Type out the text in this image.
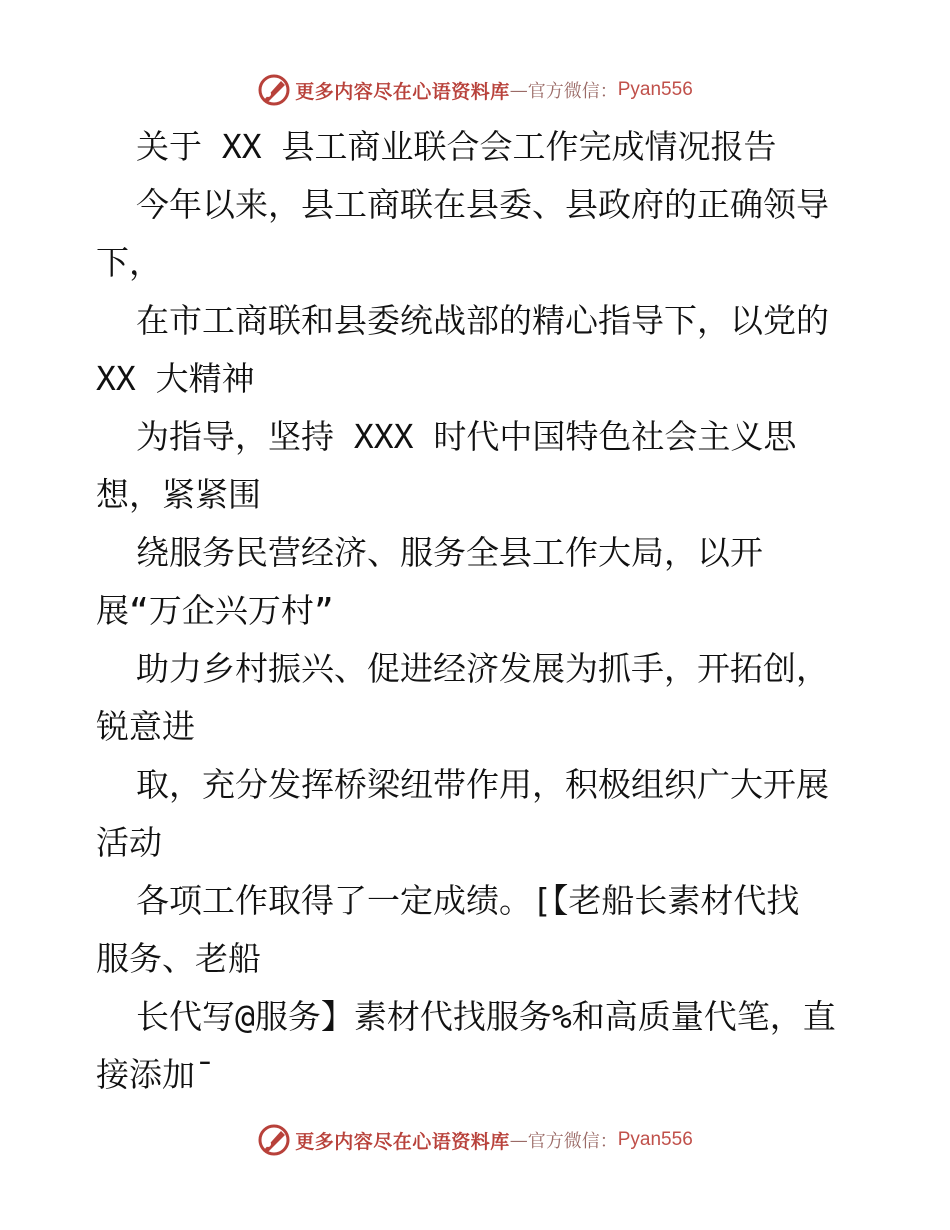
更多内容尽在心语资料库 — 官方微信： Pyan556
关于 XX 县工商业联合会工作完成情况报告
今年以来，县工商联在县委、县政府的正确领导
下，
在市工商联和县委统战部的精心指导下，以党的
XX 大精神
为指导，坚持 XXX 时代中国特色社会主义思
想，紧紧围
绕服务民营经济、服务全县工作大局，以开
展“万企兴万村”
助力乡村振兴、促进经济发展为抓手，开拓创，
锐意进
取，充分发挥桥梁纽带作用，积极组织广大开展
活动
各项工作取得了一定成绩。[【老船长素材代找
服务、老船
长代写@服务】素材代找服务%和高质量代笔，直
接添加¯
更多内容尽在心语资料库 — 官方微信： Pyan556
